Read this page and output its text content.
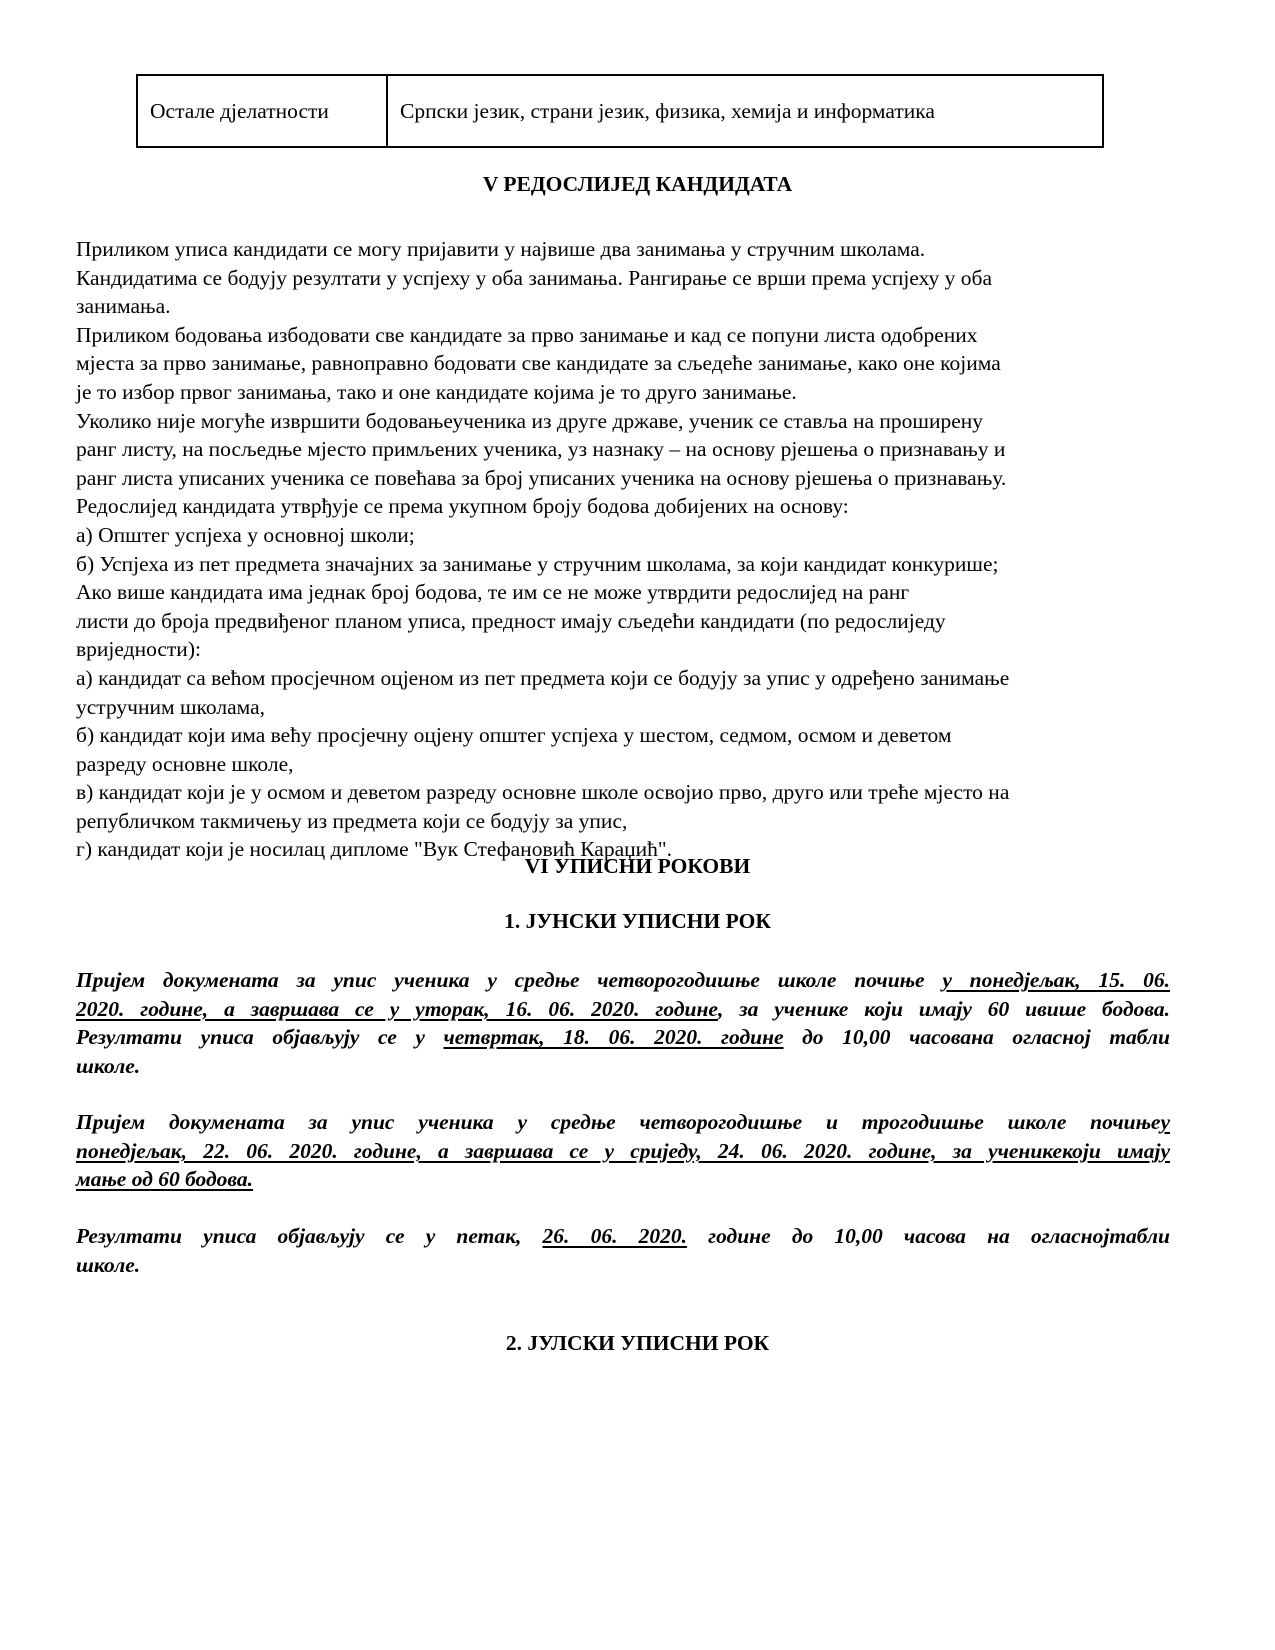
Остале дјелатности	Српски језик, страни језик, физика, хемија и информатика
V РЕДОСЛИЈЕД КАНДИДАТА
Приликом уписа кандидати се могу пријавити у највише два занимања у стручним школама.
Кандидатима се бодују резултати у успјеху у оба занимања. Рангирање се врши према успјеху у оба
занимања.
Приликом бодовања избодовати све кандидате за прво занимање и кад се попуни листа одобрених
мјеста за прво занимање, равноправно бодовати све кандидате за сљедеће занимање, како оне којима
је то избор првог занимања, тако и оне кандидате којима је то друго занимање.
Уколико није могуће извршити бодовањеученика из друге државе, ученик се ставља на проширену
ранг листу, на посљедње мјесто примљених ученика, уз назнаку – на основу рјешења о признавању и
ранг листа уписаних ученика се повећава за број уписаних ученика на основу рјешења о признавању.
Редослијед кандидата утврђује се према укупном броју бодова добијених на основу:
а) Општег успјеха у основној школи;
б) Успјеха из пет предмета значајних за занимање у стручним школама, за који кандидат конкурише;
Ако више кандидата има једнак број бодова, те им се не може утврдити редослијед на ранг
листи до броја предвиђеног планом уписа, предност имају сљедећи кандидати (по редослиједу
вриједности):
а) кандидат са већом просјечном оцјеном из пет предмета који се бодују за упис у одређено занимање
устручним школама,
б) кандидат који има већу просјечну оцјену општег успјеха у шестом, седмом, осмом и деветом
разреду основне школе,
в) кандидат који је у осмом и деветом разреду основне школе освојио прво, друго или треће мјесто на
републичком такмичењу из предмета који се бодују за упис,
г) кандидат који је носилац дипломе "Вук Стефановић Караџић".
VI УПИСНИ РОКОВИ
1. ЈУНСКИ УПИСНИ РОК
Пријем докумената за упис ученика у средње четворогодишње школе почиње у понедјељак, 15. 06.
2020. године, а завршава се у уторак, 16. 06. 2020. године, за ученике који имају 60 ивише бодова.
Резултати уписа објављују се у четвртак, 18. 06. 2020. године до 10,00 часована огласној табли
школе.
Пријем докумената за упис ученика у средње четворогодишње и трогодишње школе почињеу
понедјељак, 22. 06. 2020. године, а завршава се у сриједу, 24. 06. 2020. године, за ученикекоји имају
мање од 60 бодова.
Резултати уписа објављују се у петак, 26. 06. 2020. године до 10,00 часова на огласнојтабли
школе.
2. ЈУЛСКИ УПИСНИ РОК
